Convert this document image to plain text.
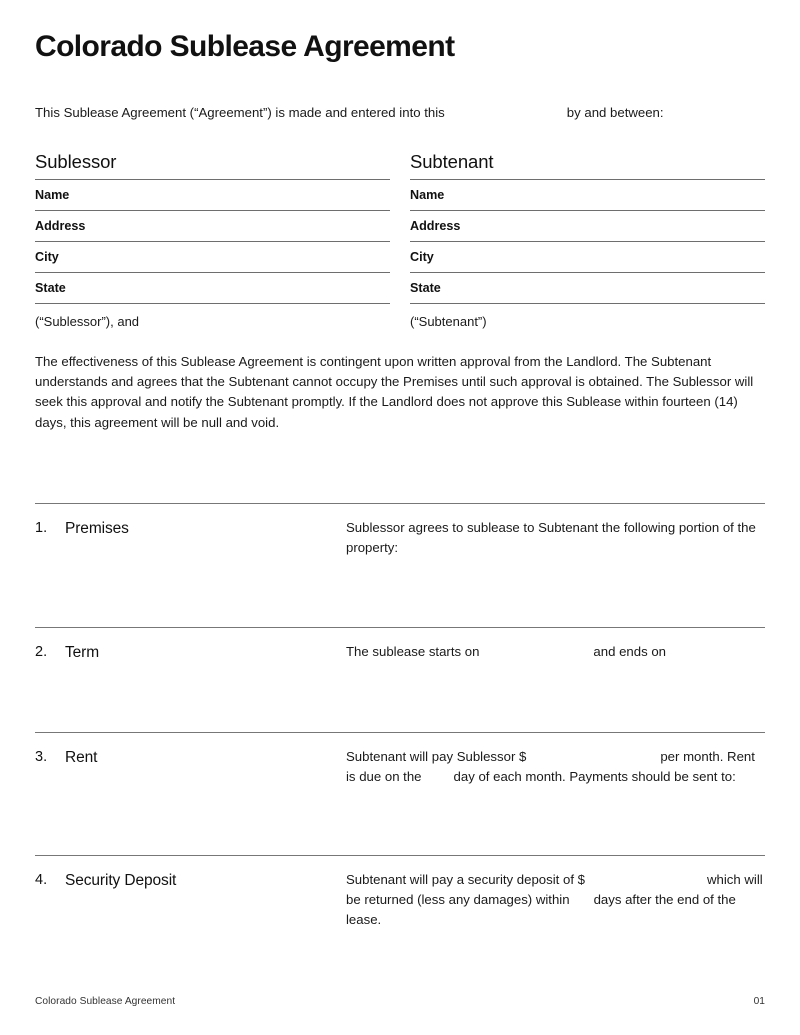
Colorado Sublease Agreement
This Sublease Agreement (“Agreement”) is made and entered into this	by and between:
Sublessor
Name
Address
City
State
(“Sublessor”), and
Subtenant
Name
Address
City
State
(“Subtenant”)
The effectiveness of this Sublease Agreement is contingent upon written approval from the Landlord. The Subtenant understands and agrees that the Subtenant cannot occupy the Premises until such approval is obtained. The Sublessor will seek this approval and notify the Subtenant promptly. If the Landlord does not approve this Sublease within fourteen (14) days, this agreement will be null and void.
1.	Premises	Sublessor agrees to sublease to Subtenant the following portion of the property:
2.	Term	The sublease starts on	and ends on
3.	Rent	Subtenant will pay Sublessor $	per month. Rent is due on the day of each month. Payments should be sent to:
4.	Security Deposit	Subtenant will pay a security deposit of $	which will be returned (less any damages) within days after the end of the lease.
Colorado Sublease Agreement	01
